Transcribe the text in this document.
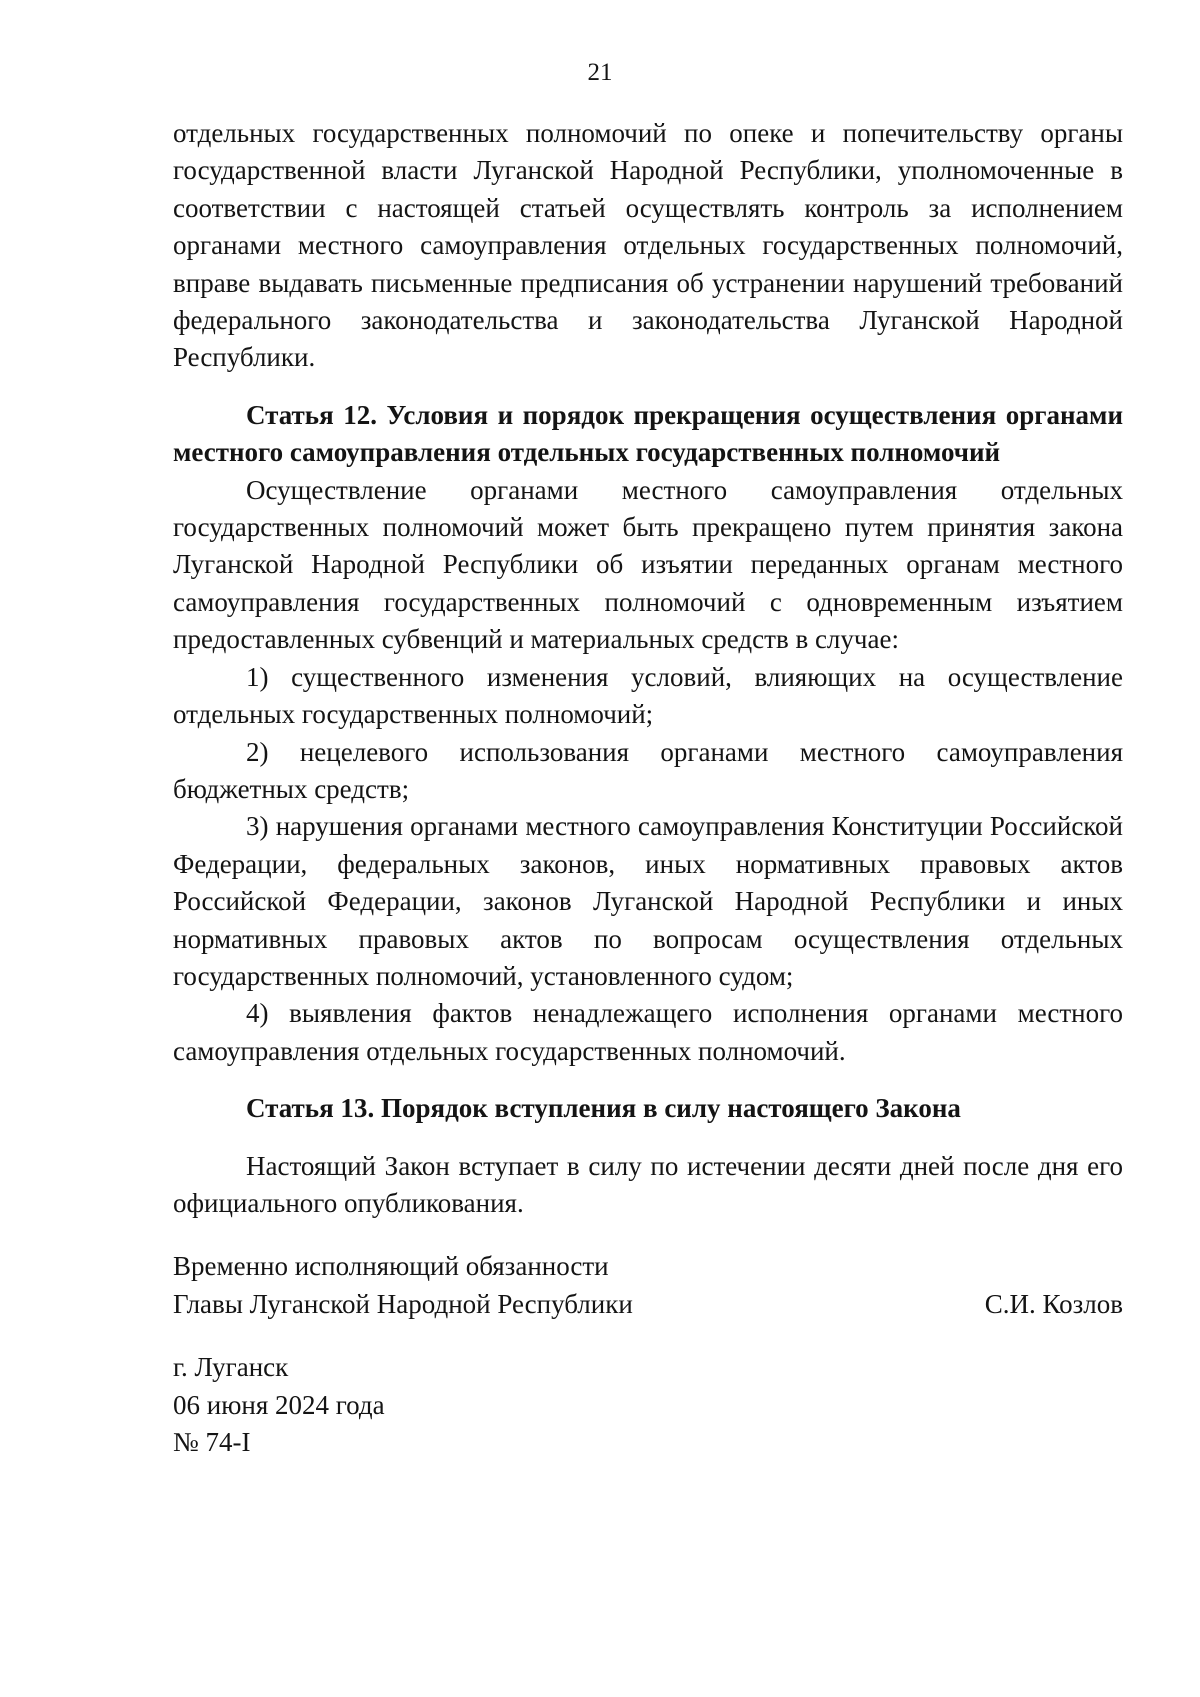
21

отдельных государственных полномочий по опеке и попечительству органы государственной власти Луганской Народной Республики, уполномоченные в соответствии с настоящей статьей осуществлять контроль за исполнением органами местного самоуправления отдельных государственных полномочий, вправе выдавать письменные предписания об устранении нарушений требований федерального законодательства и законодательства Луганской Народной Республики.

Статья 12. Условия и порядок прекращения осуществления органами местного самоуправления отдельных государственных полномочий

Осуществление органами местного самоуправления отдельных государственных полномочий может быть прекращено путем принятия закона Луганской Народной Республики об изъятии переданных органам местного самоуправления государственных полномочий с одновременным изъятием предоставленных субвенций и материальных средств в случае:

1) существенного изменения условий, влияющих на осуществление отдельных государственных полномочий;

2) нецелевого использования органами местного самоуправления бюджетных средств;

3) нарушения органами местного самоуправления Конституции Российской Федерации, федеральных законов, иных нормативных правовых актов Российской Федерации, законов Луганской Народной Республики и иных нормативных правовых актов по вопросам осуществления отдельных государственных полномочий, установленного судом;

4) выявления фактов ненадлежащего исполнения органами местного самоуправления отдельных государственных полномочий.

Статья 13. Порядок вступления в силу настоящего Закона

Настоящий Закон вступает в силу по истечении десяти дней после дня его официального опубликования.

Временно исполняющий обязанности
Главы Луганской Народной Республики	С.И. Козлов
г. Луганск
06 июня 2024 года
№ 74-I
